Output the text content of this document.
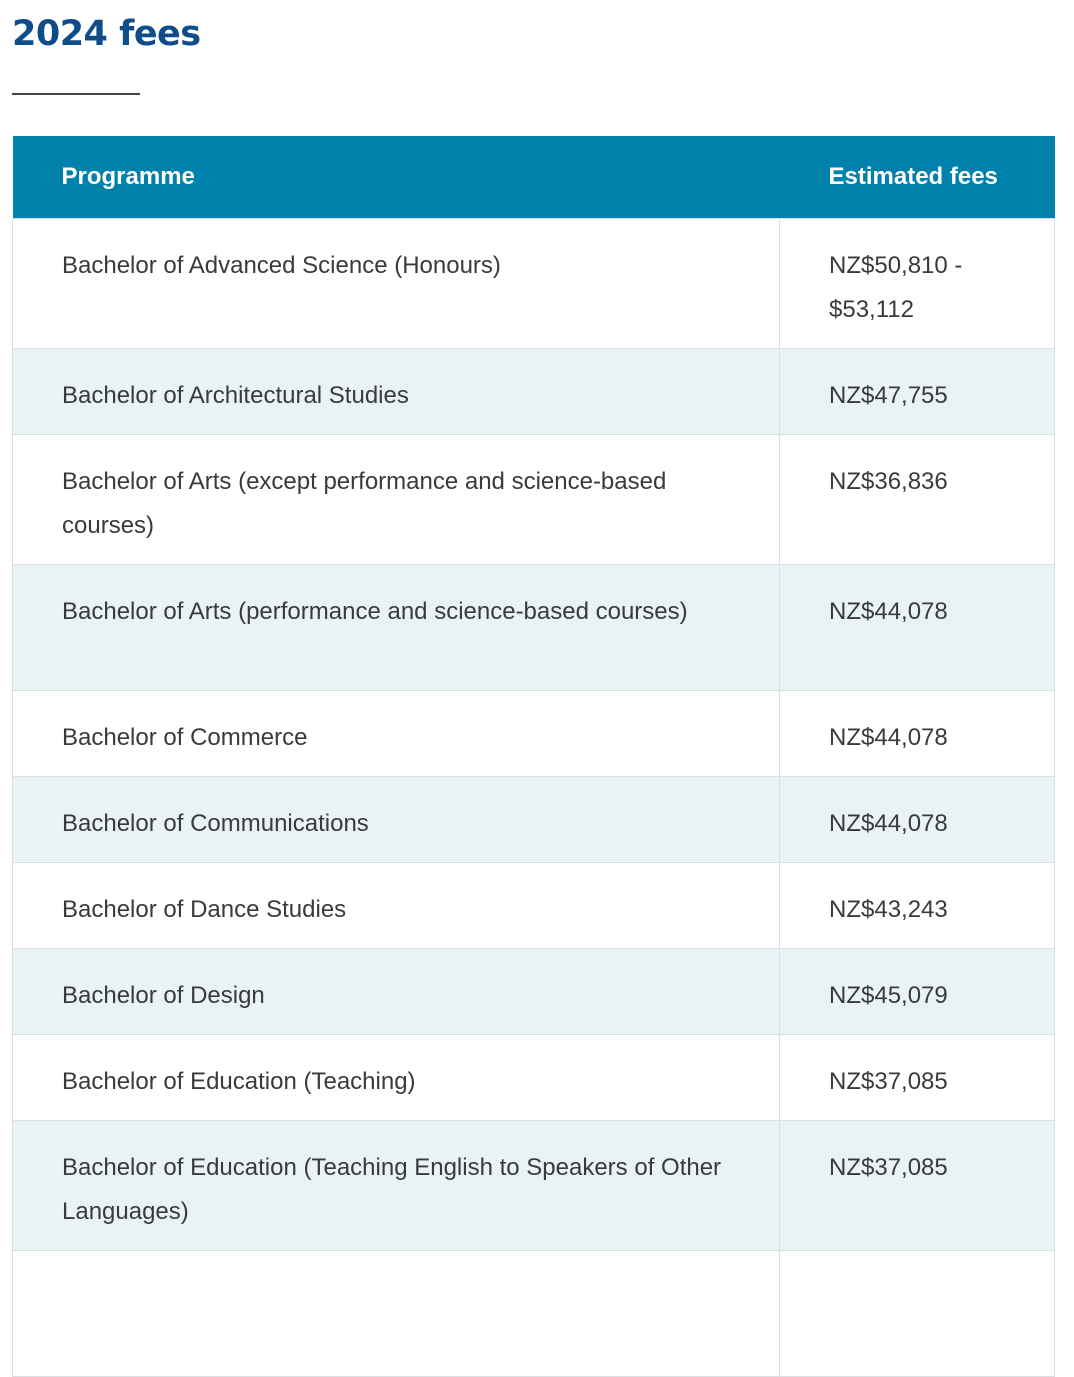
2024 fees
Programme	Estimated fees
Bachelor of Advanced Science (Honours)	NZ$50,810 - $53,112
Bachelor of Architectural Studies	NZ$47,755
Bachelor of Arts (except performance and science-based courses)	NZ$36,836
Bachelor of Arts (performance and science-based courses)	NZ$44,078
Bachelor of Commerce	NZ$44,078
Bachelor of Communications	NZ$44,078
Bachelor of Dance Studies	NZ$43,243
Bachelor of Design	NZ$45,079
Bachelor of Education (Teaching)	NZ$37,085
Bachelor of Education (Teaching English to Speakers of Other Languages)	NZ$37,085
